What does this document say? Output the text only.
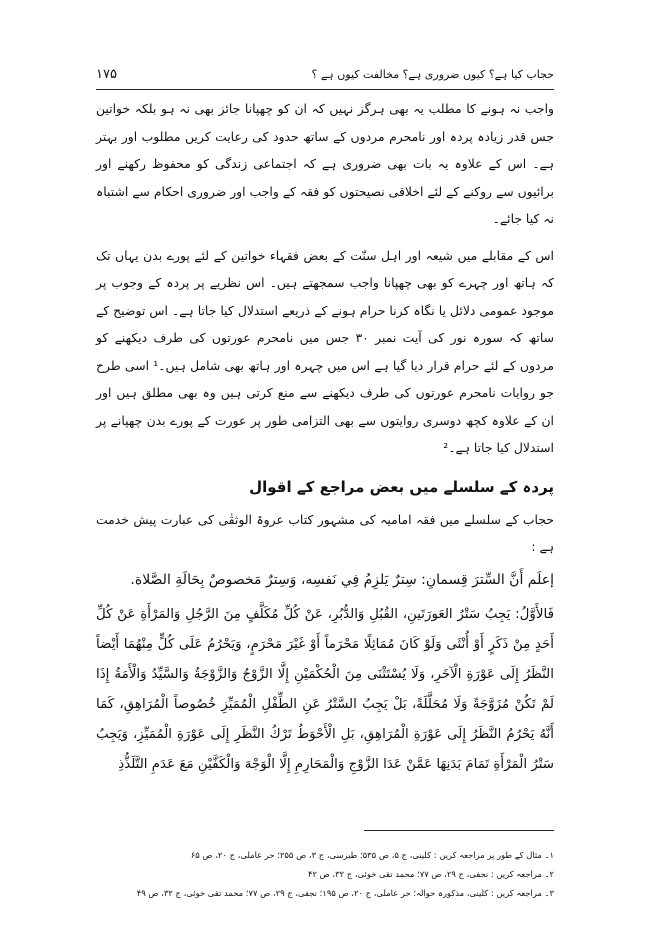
حجاب کیا ہے؟ کیوں ضروری ہے؟ مخالفت کیوں ہے ؟
۱۷۵

واجب نہ ہونے کا مطلب یہ بھی ہرگز نہیں کہ ان کو چھپانا جائز بھی نہ ہو بلکہ خواتین جس قدر زیادہ پردہ اور نامحرم مردوں کے ساتھ حدود کی رعایت کریں مطلوب اور بہتر ہے۔ اس کے علاوہ یہ بات بھی ضروری ہے کہ اجتماعی زندگی کو محفوظ رکھنے اور برائیوں سے روکنے کے لئے اخلاقی نصیحتوں کو فقہ کے واجب اور ضروری احکام سے اشتباہ نہ کیا جائے۔

اس کے مقابلے میں شیعہ اور اہل سنّت کے بعض فقہاء خواتین کے لئے پورے بدن یہاں تک کہ ہاتھ اور چہرے کو بھی چھپانا واجب سمجھتے ہیں۔ اس نظریے پر پردہ کے وجوب پر موجود عمومی دلائل یا نگاہ کرنا حرام ہونے کے ذریعے استدلال کیا جاتا ہے۔ اس توضیح کے ساتھ کہ سورہ نور کی آیت نمبر ۳۰ جس میں نامحرم عورتوں کی طرف دیکھنے کو مردوں کے لئے حرام قرار دیا گیا ہے اس میں چہرہ اور ہاتھ بھی شامل ہیں۔¹ اسی طرح جو روایات نامحرم عورتوں کی طرف دیکھنے سے منع کرتی ہیں وہ بھی مطلق ہیں اور ان کے علاوہ کچھ دوسری روایتوں سے بھی التزامی طور پر عورت کے پورے بدن چھپانے پر استدلال کیا جاتا ہے۔²

پردہ کے سلسلے میں بعض مراجع کے اقوال

حجاب کے سلسلے میں فقہ امامیہ کی مشہور کتاب عروۃ الوثقٰی کی عبارت پیش خدمت ہے :

إعلَم أَنَّ السِّترَ قِسمانِ: سِترٌ يَلزِمُ فِي نَفسِه، وَسِترٌ مَخصوصٌ بِحَالَةِ الصَّلاة.

فَالأَوَّلُ: يَجِبُ سَتْرُ العَورَتَينِ، القُبُلِ وَالدُّبُرِ، عَنْ كُلِّ مُكَلَّفٍ مِنَ الرَّجُلِ وَالمَرْأَةِ عَنْ كُلِّ أَحَدٍ مِنْ ذَكَرٍ أَوْ أُنْثَى وَلَوْ كَانَ مُمَاثِلًا مَحْرَماً أَوْ غَيْرَ مَحْرَمٍ، وَيَحْرُمُ عَلَى كُلٍّ مِنْهُمَا أَيْضاً النَّظَرُ إِلَى عَوْرَةِ الْآخَرِ، وَلَا يُسْتَثْنَى مِنَ الْحُكْمَيْنِ إِلَّا الزَّوْجُ وَالزَّوْجَةُ وَالسَّيِّدُ وَالْأَمَةُ إِذَا لَمْ تَكُنْ مُزَوَّجَةً وَلَا مُحَلَّلَةً، بَلْ يَجِبُ السَّتْرُ عَنِ الطِّفْلِ الْمُمَيِّزِ خُصُوصاً الْمُرَاهِقِ، كَمَا أَنَّهُ يَحْرُمُ النَّظَرُ إِلَى عَوْرَةِ الْمُرَاهِقِ، بَلِ الْأَحْوَطُ تَرْكُ النَّظَرِ إِلَى عَوْرَةِ الْمُمَيِّزِ، وَيَجِبُ سَتْرُ الْمَرْأَةِ تَمَامَ بَدَنِهَا عَمَّنْ عَدَا الزَّوْجِ وَالْمَحَارِمِ إِلَّا الْوَجْهَ وَالْكَفَّيْنِ مَعَ عَدَمِ التَّلَذُّذِ

۱۔ مثال کے طور پر مراجعہ کریں : کلینی، ج ۵، ص ۵۳۵؛ طبرسی، ج ۳، ص ۲۵۵؛ حر عاملی، ج ۲۰، ص ۶۵
۲۔ مراجعہ کریں : نجفی، ج ۲۹، ص ۷۷؛ محمد تقی خوئی، ج ۳۲، ص ۴۲
۳۔ مراجعہ کریں : کلینی، مذکورہ حوالہ؛ حر عاملی، ج ۲۰، ص ۱۹۵؛ نجفی، ج ۲۹، ص ۷۷؛ محمد تقی خوئی، ج ۳۲، ص ۴۹
